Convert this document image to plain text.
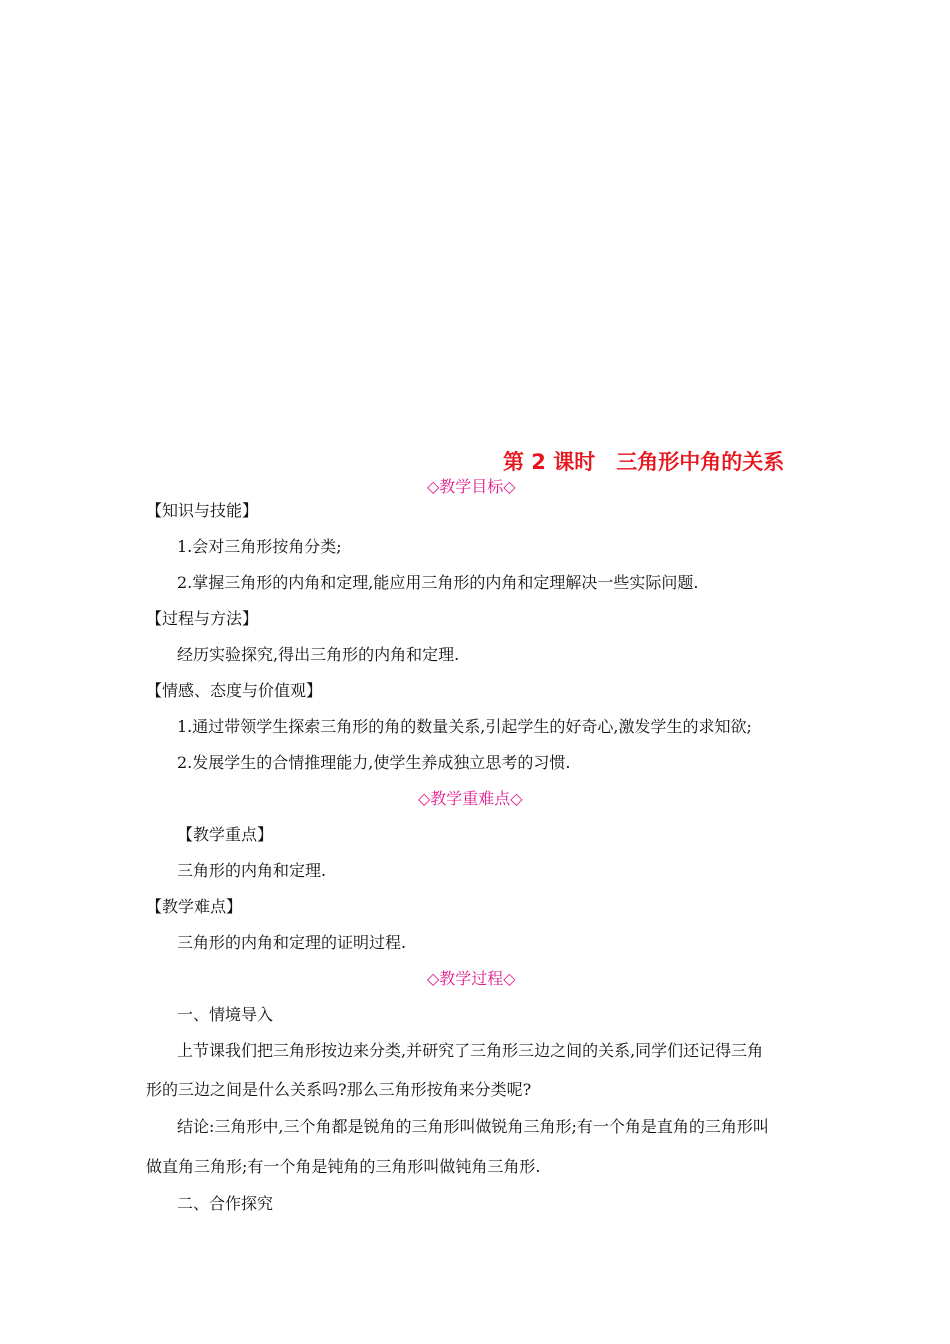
第 2 课时　三角形中角的关系
◇教学目标◇
【知识与技能】
1.会对三角形按角分类;
2.掌握三角形的内角和定理,能应用三角形的内角和定理解决一些实际问题.
【过程与方法】
经历实验探究,得出三角形的内角和定理.
【情感、态度与价值观】
1.通过带领学生探索三角形的角的数量关系,引起学生的好奇心,激发学生的求知欲;
2.发展学生的合情推理能力,使学生养成独立思考的习惯.
◇教学重难点◇
【教学重点】
三角形的内角和定理.
【教学难点】
三角形的内角和定理的证明过程.
◇教学过程◇
一、情境导入
上节课我们把三角形按边来分类,并研究了三角形三边之间的关系,同学们还记得三角
形的三边之间是什么关系吗?那么三角形按角来分类呢?
结论:三角形中,三个角都是锐角的三角形叫做锐角三角形;有一个角是直角的三角形叫
做直角三角形;有一个角是钝角的三角形叫做钝角三角形.
二、合作探究
